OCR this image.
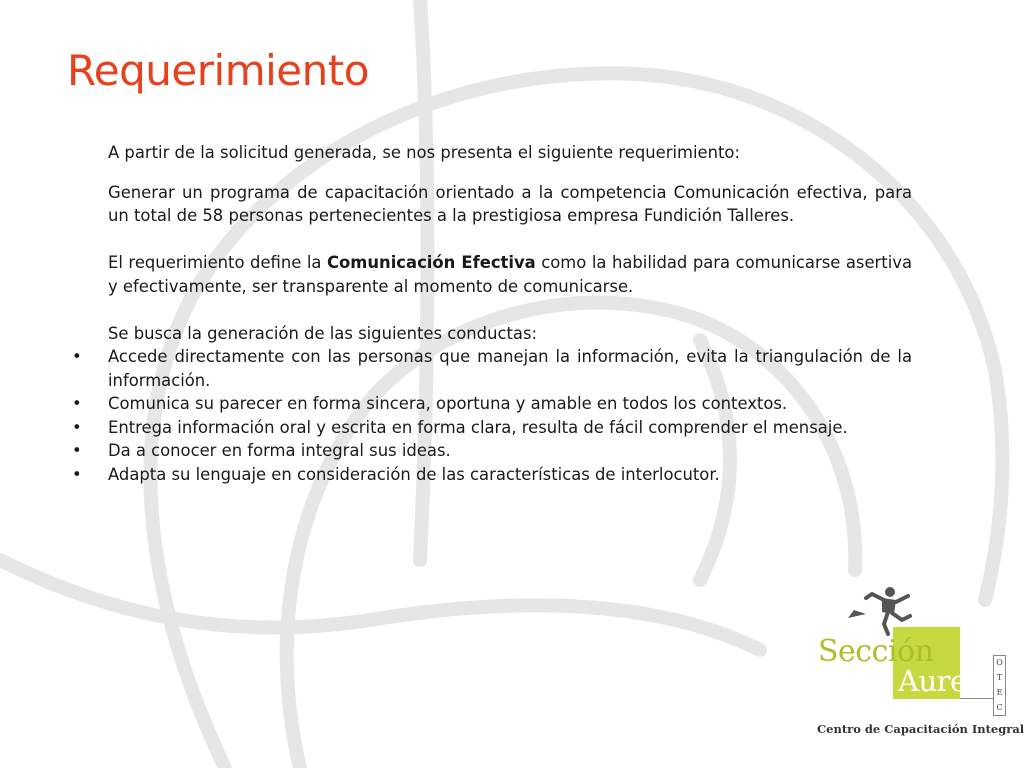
Requerimiento

A partir de la solicitud generada, se nos presenta el siguiente requerimiento:

Generar un programa de capacitación orientado a la competencia Comunicación efectiva, para un total de 58 personas pertenecientes a la prestigiosa empresa Fundición Talleres.

El requerimiento define la Comunicación Efectiva como la habilidad para comunicarse asertiva y efectivamente, ser transparente al momento de comunicarse.

Se busca la generación de las siguientes conductas:

• Accede directamente con las personas que manejan la información, evita la triangulación de la información.
• Comunica su parecer en forma sincera, oportuna y amable en todos los contextos.
• Entrega información oral y escrita en forma clara, resulta de fácil comprender el mensaje.
• Da a conocer en forma integral sus ideas.
• Adapta su lenguaje en consideración de las características de interlocutor.
Sección
Aurea
O
T
E
C
Centro de Capacitación Integral
